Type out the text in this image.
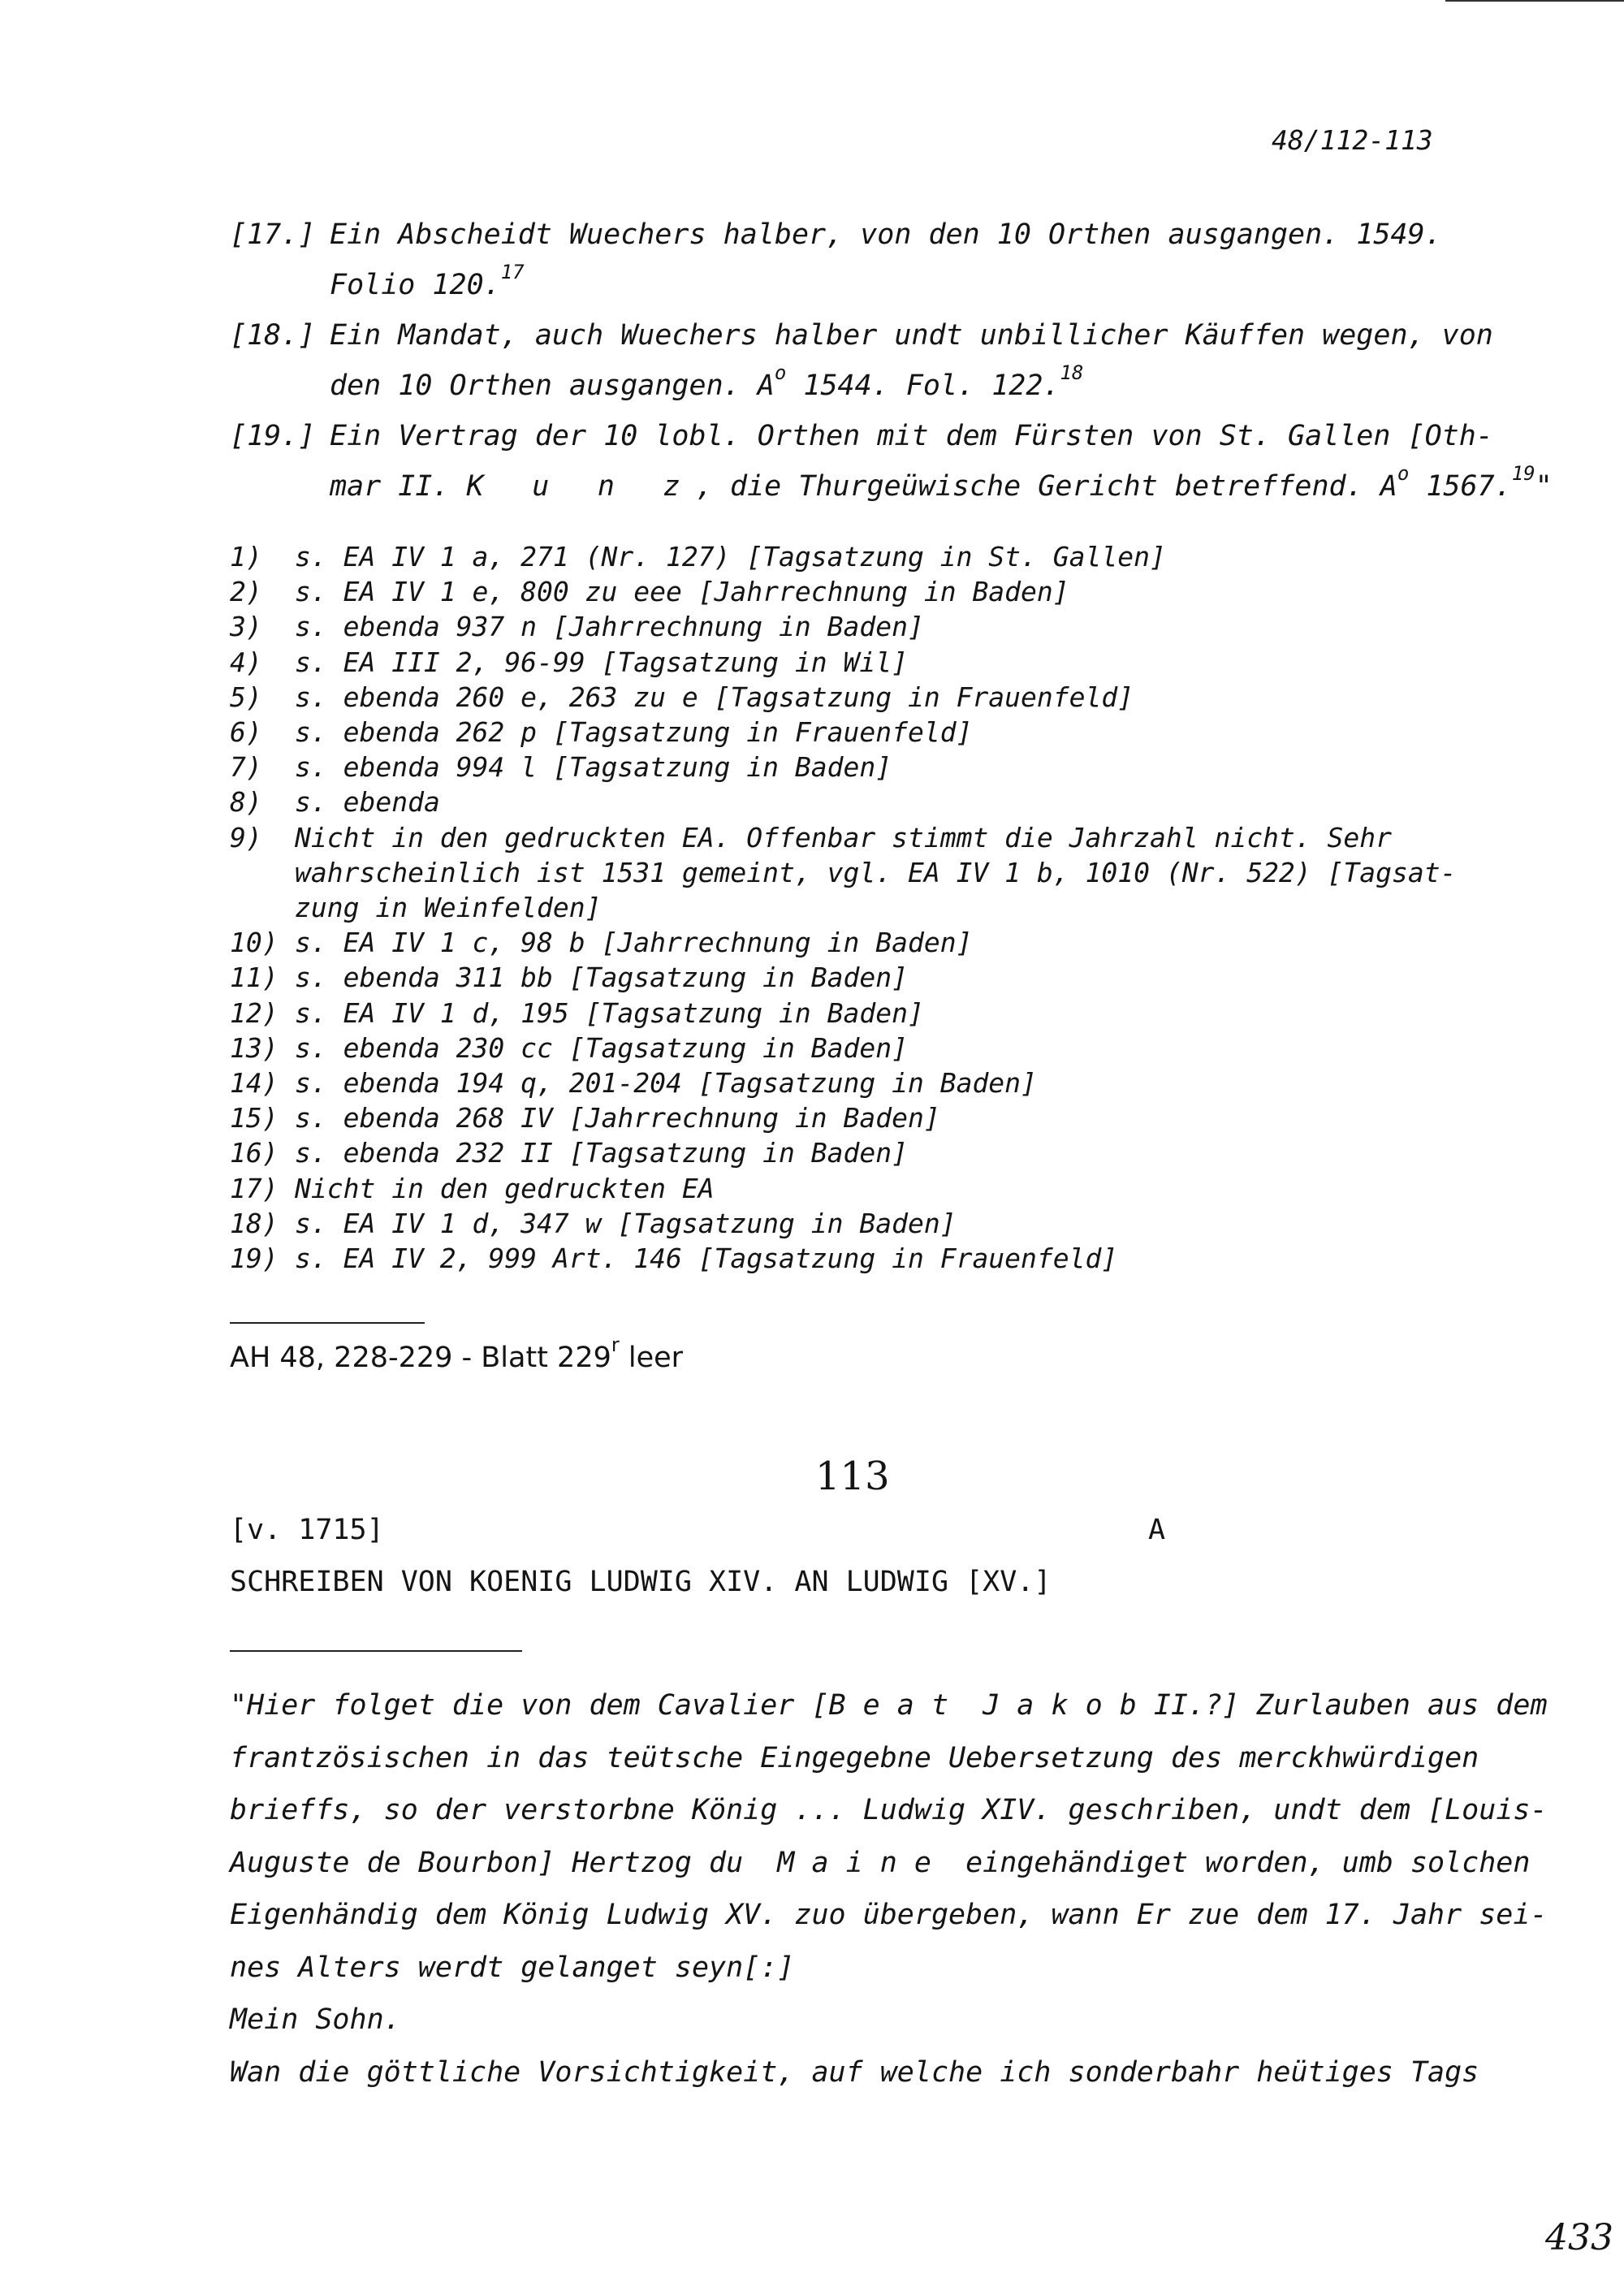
48/112-113
[17.] Ein Abscheidt Wuechers halber, von den 10 Orthen ausgangen. 1549.
Folio 120.17
[18.] Ein Mandat, auch Wuechers halber undt unbillicher Käuffen wegen, von
den 10 Orthen ausgangen. $A^o$ 1544. Fol. 122.18
[19.] Ein Vertrag der 10 lobl. Orthen mit dem Fürsten von St. Gallen [Oth-
mar II. K u n z, die Thurgeüwische Gericht betreffend. $A^o$ 1567.19"
1)	s. EA IV 1 a, 271 (Nr. 127) [Tagsatzung in St. Gallen]
2)	s. EA IV 1 e, 800 zu eee [Jahrrechnung in Baden]
3)	s. ebenda 937 n [Jahrrechnung in Baden]
4)	s. EA III 2, 96-99 [Tagsatzung in Wil]
5)	s. ebenda 260 e, 263 zu e [Tagsatzung in Frauenfeld]
6)	s. ebenda 262 p [Tagsatzung in Frauenfeld]
7)	s. ebenda 994 l [Tagsatzung in Baden]
8)	s. ebenda
9)	Nicht in den gedruckten EA. Offenbar stimmt die Jahrzahl nicht. Sehr
wahrscheinlich ist 1531 gemeint, vgl. EA IV 1 b, 1010 (Nr. 522) [Tagsat-
zung in Weinfelden]
10) s. EA IV 1 c, 98 b [Jahrrechnung in Baden]
11) s. ebenda 311 bb [Tagsatzung in Baden]
12) s. EA IV 1 d, 195 [Tagsatzung in Baden]
13) s. ebenda 230 cc [Tagsatzung in Baden]
14) s. ebenda 194 q, 201-204 [Tagsatzung in Baden]
15) s. ebenda 268 IV [Jahrrechnung in Baden]
16) s. ebenda 232 II [Tagsatzung in Baden]
17) Nicht in den gedruckten EA
18) s. EA IV 1 d, 347 w [Tagsatzung in Baden]
19) s. EA IV 2, 999 Art. 146 [Tagsatzung in Frauenfeld]
AH 48, 228-229 - Blatt 229$^r$ leer
113
[v. 1715]	A
SCHREIBEN VON KOENIG LUDWIG XIV. AN LUDWIG [XV.]
"Hier folget die von dem Cavalier [B e a t  J a k o b II.?] Zurlauben aus dem
frantzösischen in das teütsche Eingegebne Uebersetzung des merckhwürdigen
brieffs, so der verstorbne König ... Ludwig XIV. geschriben, undt dem [Louis-
Auguste de Bourbon] Hertzog du  M a i n e  eingehändiget worden, umb solchen
Eigenhändig dem König Ludwig XV. zuo übergeben, wann Er zue dem 17. Jahr sei-
nes Alters werdt gelanget seyn[:]
Mein Sohn.
Wan die göttliche Vorsichtigkeit, auf welche ich sonderbahr heütiges Tags
433
